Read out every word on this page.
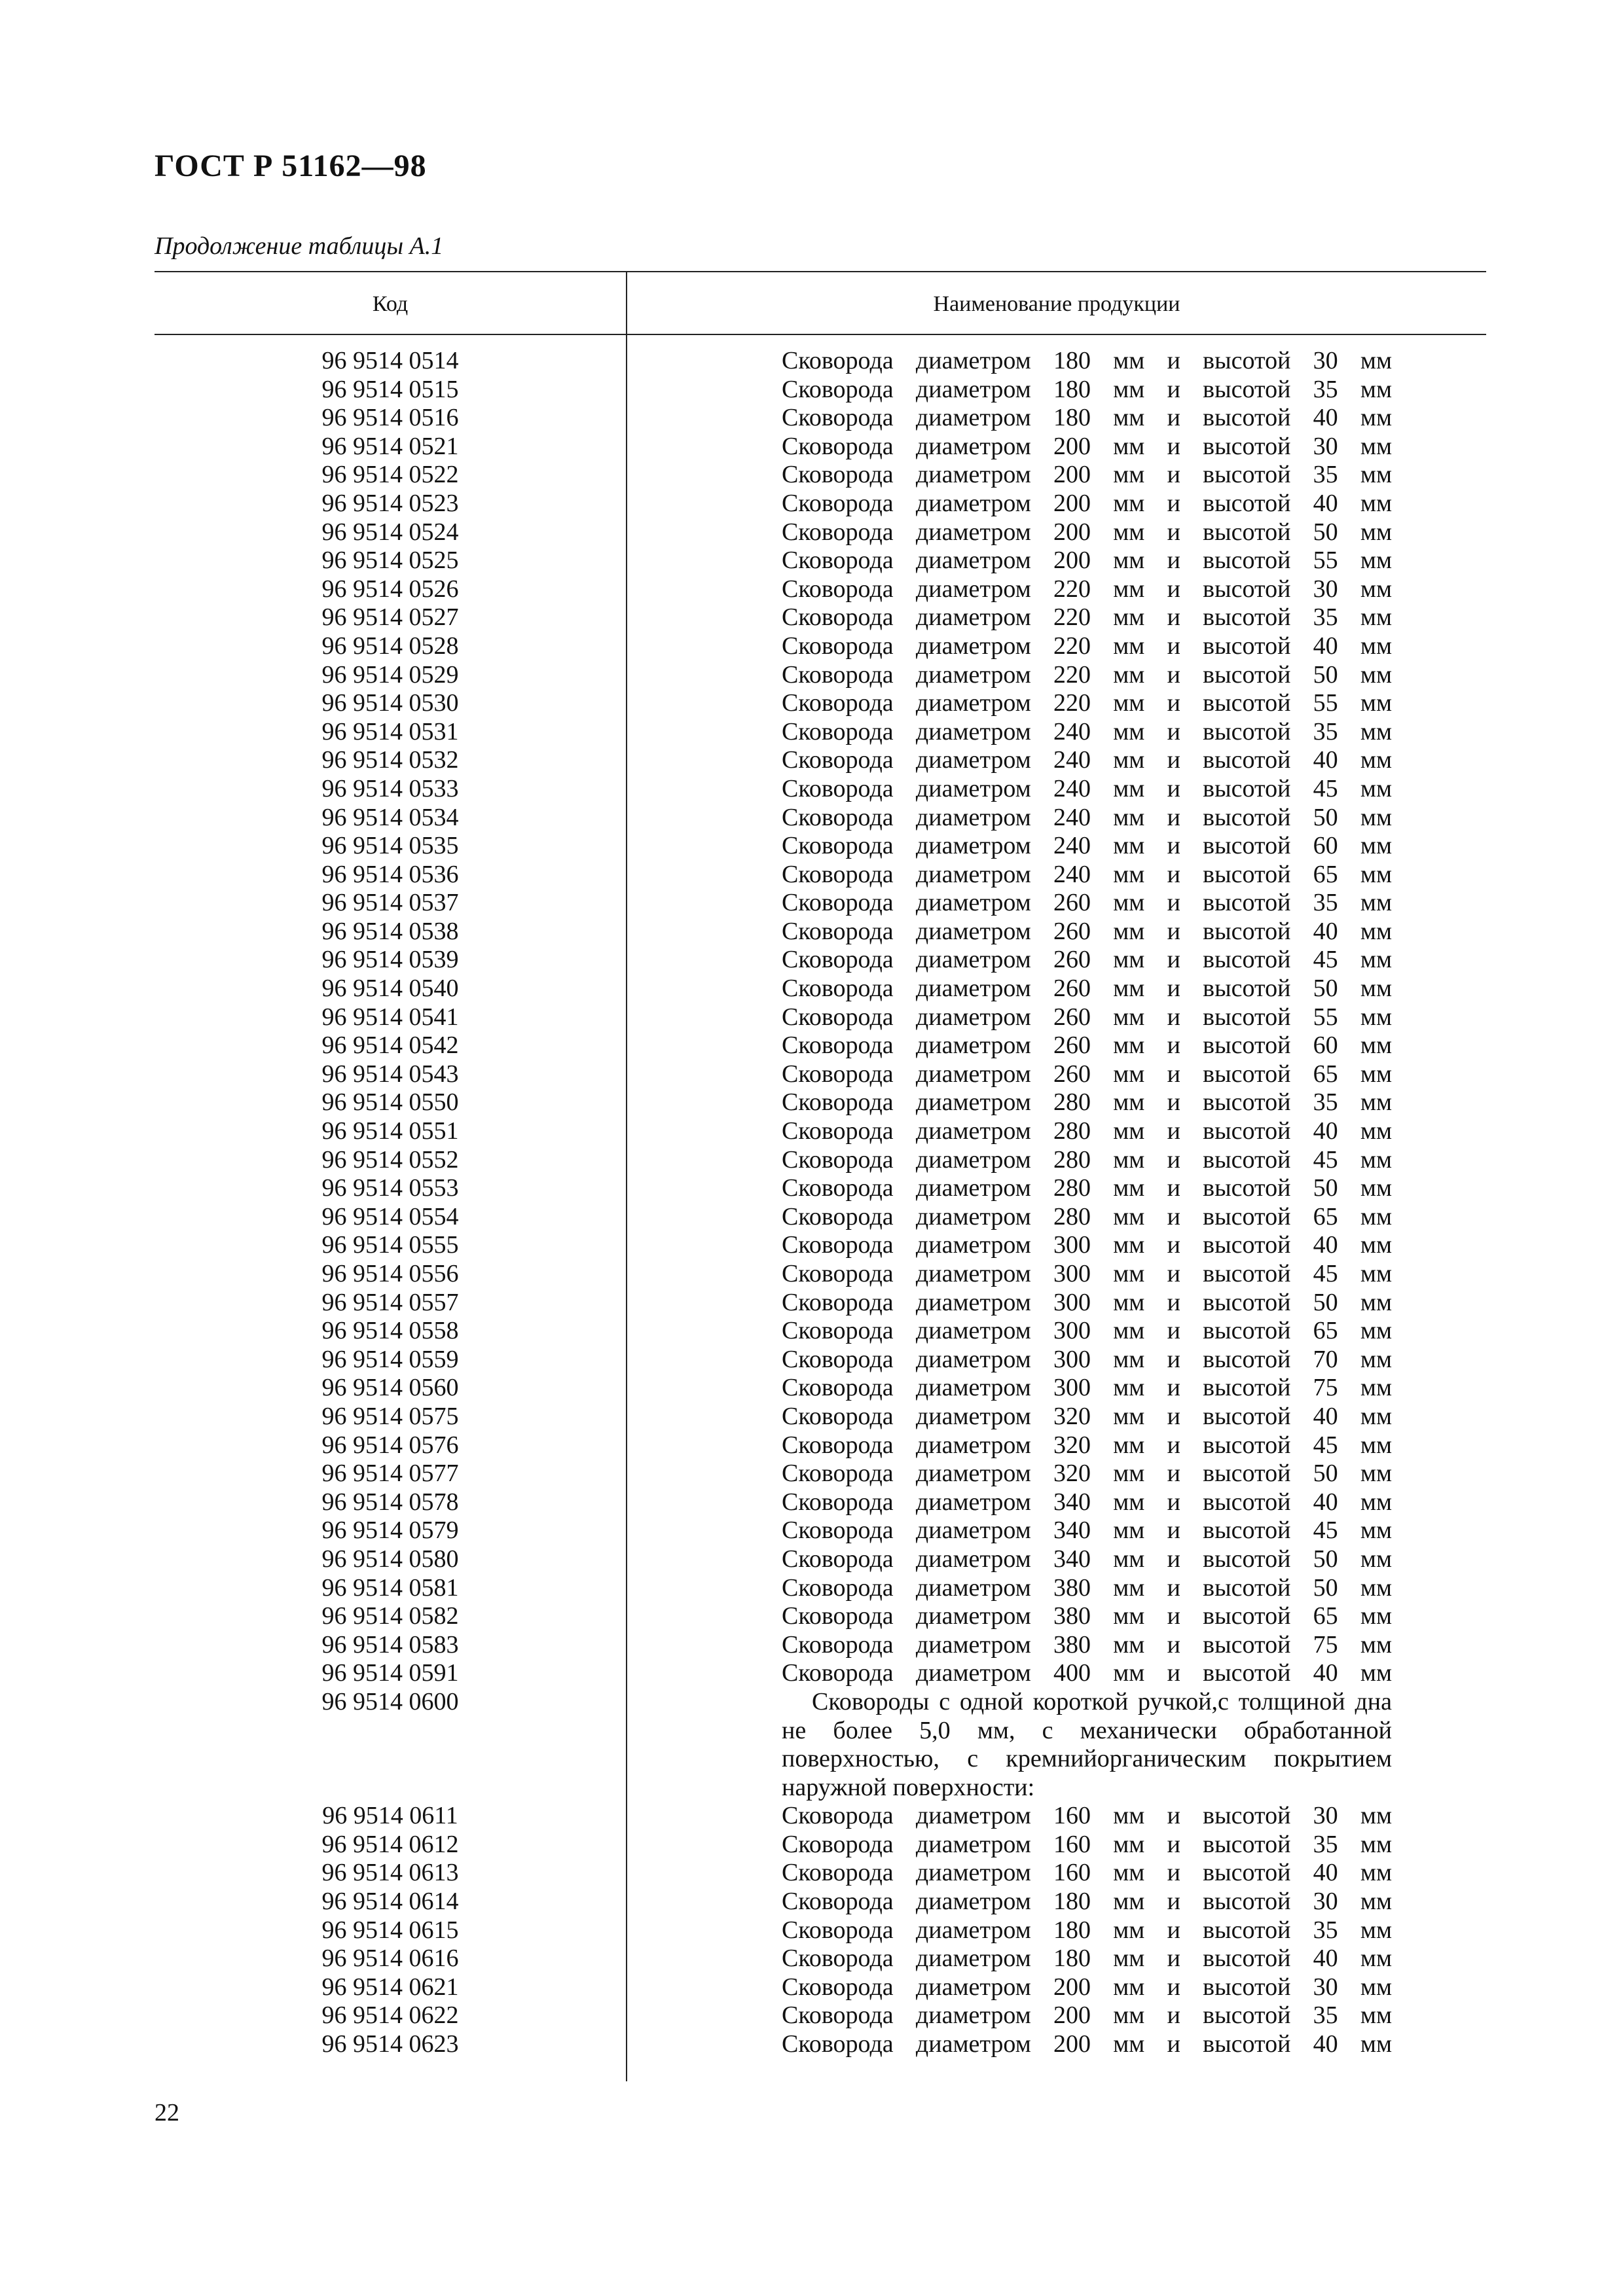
ГОСТ Р 51162—98
Продолжение таблицы А.1
Код	Наименование продукции
96 9514 0514	Сковорода диаметром 180 мм и высотой 30 мм
96 9514 0515	Сковорода диаметром 180 мм и высотой 35 мм
96 9514 0516	Сковорода диаметром 180 мм и высотой 40 мм
96 9514 0521	Сковорода диаметром 200 мм и высотой 30 мм
96 9514 0522	Сковорода диаметром 200 мм и высотой 35 мм
96 9514 0523	Сковорода диаметром 200 мм и высотой 40 мм
96 9514 0524	Сковорода диаметром 200 мм и высотой 50 мм
96 9514 0525	Сковорода диаметром 200 мм и высотой 55 мм
96 9514 0526	Сковорода диаметром 220 мм и высотой 30 мм
96 9514 0527	Сковорода диаметром 220 мм и высотой 35 мм
96 9514 0528	Сковорода диаметром 220 мм и высотой 40 мм
96 9514 0529	Сковорода диаметром 220 мм и высотой 50 мм
96 9514 0530	Сковорода диаметром 220 мм и высотой 55 мм
96 9514 0531	Сковорода диаметром 240 мм и высотой 35 мм
96 9514 0532	Сковорода диаметром 240 мм и высотой 40 мм
96 9514 0533	Сковорода диаметром 240 мм и высотой 45 мм
96 9514 0534	Сковорода диаметром 240 мм и высотой 50 мм
96 9514 0535	Сковорода диаметром 240 мм и высотой 60 мм
96 9514 0536	Сковорода диаметром 240 мм и высотой 65 мм
96 9514 0537	Сковорода диаметром 260 мм и высотой 35 мм
96 9514 0538	Сковорода диаметром 260 мм и высотой 40 мм
96 9514 0539	Сковорода диаметром 260 мм и высотой 45 мм
96 9514 0540	Сковорода диаметром 260 мм и высотой 50 мм
96 9514 0541	Сковорода диаметром 260 мм и высотой 55 мм
96 9514 0542	Сковорода диаметром 260 мм и высотой 60 мм
96 9514 0543	Сковорода диаметром 260 мм и высотой 65 мм
96 9514 0550	Сковорода диаметром 280 мм и высотой 35 мм
96 9514 0551	Сковорода диаметром 280 мм и высотой 40 мм
96 9514 0552	Сковорода диаметром 280 мм и высотой 45 мм
96 9514 0553	Сковорода диаметром 280 мм и высотой 50 мм
96 9514 0554	Сковорода диаметром 280 мм и высотой 65 мм
96 9514 0555	Сковорода диаметром 300 мм и высотой 40 мм
96 9514 0556	Сковорода диаметром 300 мм и высотой 45 мм
96 9514 0557	Сковорода диаметром 300 мм и высотой 50 мм
96 9514 0558	Сковорода диаметром 300 мм и высотой 65 мм
96 9514 0559	Сковорода диаметром 300 мм и высотой 70 мм
96 9514 0560	Сковорода диаметром 300 мм и высотой 75 мм
96 9514 0575	Сковорода диаметром 320 мм и высотой 40 мм
96 9514 0576	Сковорода диаметром 320 мм и высотой 45 мм
96 9514 0577	Сковорода диаметром 320 мм и высотой 50 мм
96 9514 0578	Сковорода диаметром 340 мм и высотой 40 мм
96 9514 0579	Сковорода диаметром 340 мм и высотой 45 мм
96 9514 0580	Сковорода диаметром 340 мм и высотой 50 мм
96 9514 0581	Сковорода диаметром 380 мм и высотой 50 мм
96 9514 0582	Сковорода диаметром 380 мм и высотой 65 мм
96 9514 0583	Сковорода диаметром 380 мм и высотой 75 мм
96 9514 0591	Сковорода диаметром 400 мм и высотой 40 мм
96 9514 0600	Сковороды с одной короткой ручкой,с толщиной дна не более 5,0 мм, с механически обработанной поверхностью, с кремнийорганическим покрытием наружной поверхности:
96 9514 0611	Сковорода диаметром 160 мм и высотой 30 мм
96 9514 0612	Сковорода диаметром 160 мм и высотой 35 мм
96 9514 0613	Сковорода диаметром 160 мм и высотой 40 мм
96 9514 0614	Сковорода диаметром 180 мм и высотой 30 мм
96 9514 0615	Сковорода диаметром 180 мм и высотой 35 мм
96 9514 0616	Сковорода диаметром 180 мм и высотой 40 мм
96 9514 0621	Сковорода диаметром 200 мм и высотой 30 мм
96 9514 0622	Сковорода диаметром 200 мм и высотой 35 мм
96 9514 0623	Сковорода диаметром 200 мм и высотой 40 мм
22
